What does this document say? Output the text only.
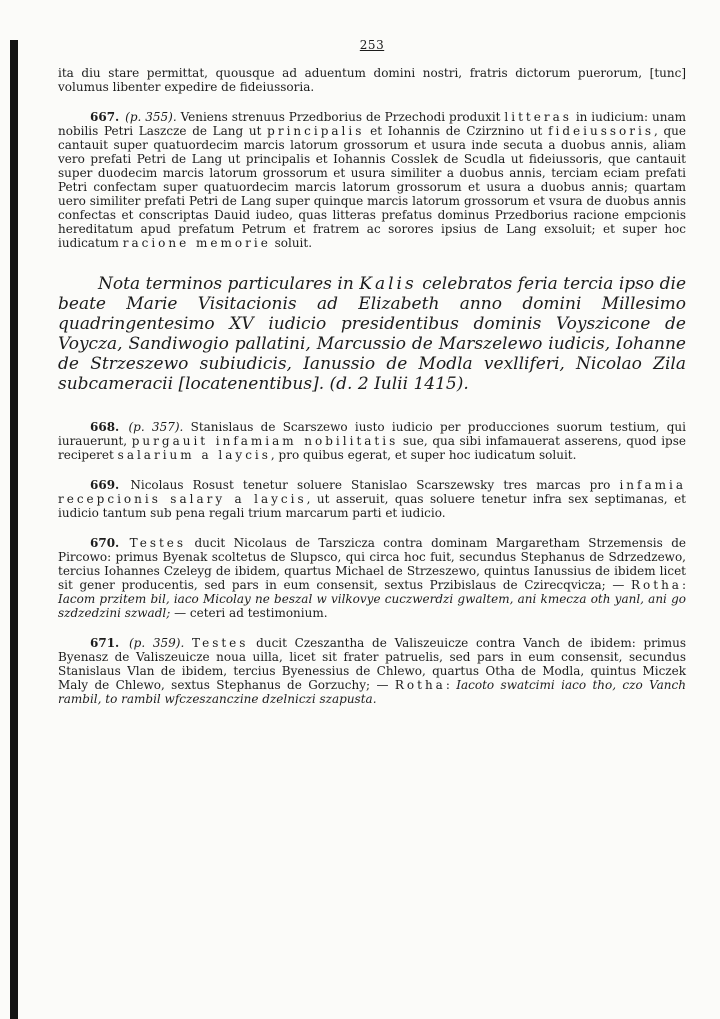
253

ita diu stare permittat, quousque ad aduentum domini nostri, fratris dictorum puerorum, [tunc] volumus libenter expedire de fideiussoria.

667. (p. 355). Veniens strenuus Przedborius de Przechodi produxit litteras in iudicium: unam nobilis Petri Laszcze de Lang ut principalis et Iohannis de Czirznino ut fideiussoris, que cantauit super quatuordecim marcis latorum grossorum et usura inde secuta a duobus annis, aliam vero prefati Petri de Lang ut principalis et Iohannis Cosslek de Scudla ut fideiussoris, que cantauit super duodecim marcis latorum grossorum et usura similiter a duobus annis, terciam eciam prefati Petri confectam super quatuordecim marcis latorum grossorum et usura a duobus annis; quartam uero similiter prefati Petri de Lang super quinque marcis latorum grossorum et vsura de duobus annis confectas et conscriptas Dauid iudeo, quas litteras prefatus dominus Przedborius racione empcionis hereditatum apud prefatum Petrum et fratrem ac sorores ipsius de Lang exsoluit; et super hoc iudicatum racione memorie soluit.

Nota terminos particulares in Kalis celebratos feria tercia ipso die beate Marie Visitacionis ad Elizabeth anno domini Millesimo quadringentesimo XV iudicio presidentibus dominis Voyszicone de Voycza, Sandiwogio pallatini, Marcussio de Marszelewo iudicis, Iohanne de Strzeszewo subiudicis, Ianussio de Modla vexlliferi, Nicolao Zila subcameracii [locatenentibus]. (d. 2 Iulii 1415).

668. (p. 357). Stanislaus de Scarszewo iusto iudicio per producciones suorum testium, qui iurauerunt, purgauit infamiam nobilitatis sue, qua sibi infamauerat asserens, quod ipse reciperet salarium a laycis, pro quibus egerat, et super hoc iudicatum soluit.

669. Nicolaus Rosust tenetur soluere Stanislao Scarszewsky tres marcas pro infamia recepcionis salary a laycis, ut asseruit, quas soluere tenetur infra sex septimanas, et iudicio tantum sub pena regali trium marcarum parti et iudicio.

670. Testes ducit Nicolaus de Tarszicza contra dominam Margaretham Strzemensis de Pircowo: primus Byenak scoltetus de Slupsco, qui circa hoc fuit, secundus Stephanus de Sdrzedzewo, tercius Iohannes Czeleyg de ibidem, quartus Michael de Strzeszewo, quintus Ianussius de ibidem licet sit gener producentis, sed pars in eum consensit, sextus Przibislaus de Czirecqvicza; — Rotha: Iacom przitem bil, iaco Micolay ne beszal w vilkovye cuczwerdzi gwaltem, ani kmecza oth yanl, ani go szdzedzini szwadl; — ceteri ad testimonium.

671. (p. 359). Testes ducit Czeszantha de Valiszeuicze contra Vanch de ibidem: primus Byenasz de Valiszeuicze noua uilla, licet sit frater patruelis, sed pars in eum consensit, secundus Stanislaus Vlan de ibidem, tercius Byenessius de Chlewo, quartus Otha de Modla, quintus Miczek Maly de Chlewo, sextus Stephanus de Gorzuchy; — Rotha: Iacoto swatcimi iaco tho, czo Vanch rambil, to rambil wfczeszanczine dzelniczi szapusta.
